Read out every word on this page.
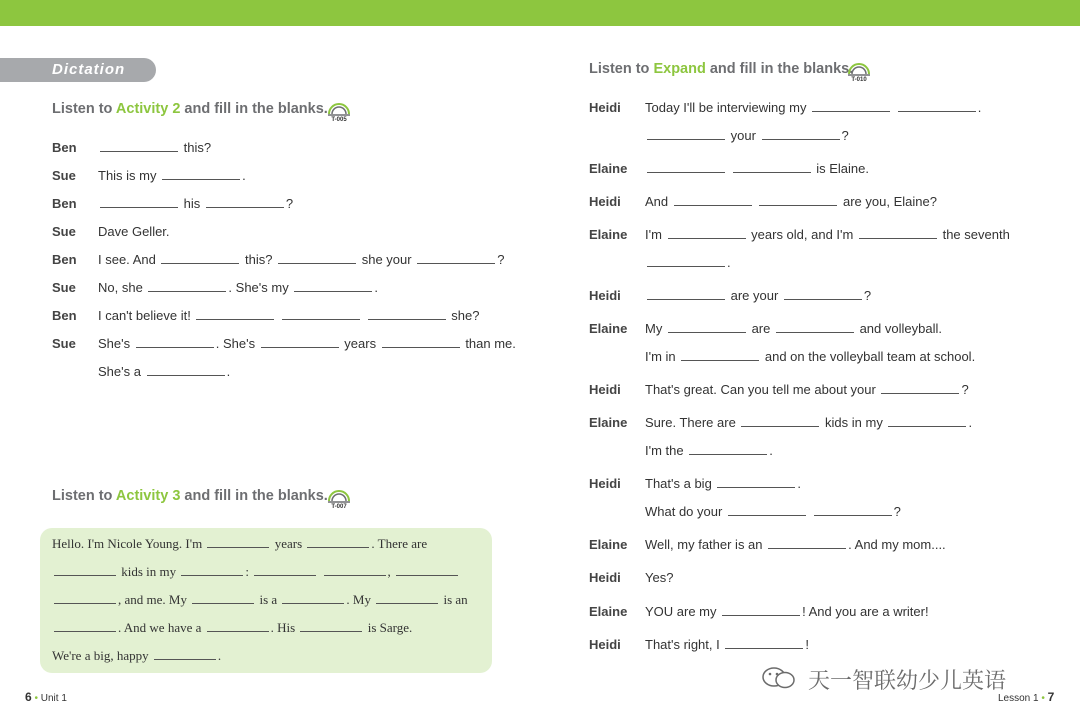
Dictation
Listen to Activity 2 and fill in the blanks.
T-005
Listen to Activity 3 and fill in the blanks.
T-007
Listen to Expand and fill in the blanks.
T-010
Ben	this?
Sue This is my	.
Ben	his	?
Sue Dave Geller.
Ben I see. And	this?	she your	?
Sue No, she	. She's my	.
Ben I can't believe it!	she?
Sue She's	. She's	years	than me.
She's a	.
Hello. I'm Nicole Young. I'm	years	. There are
kids in my	:	,
, and me. My	is a	. My	is an
. And we have a	. His	is Sarge.
We're a big, happy	.
Heidi Today I'll be interviewing my	.
your	?
Elaine	is Elaine.
Heidi And	are you, Elaine?
Elaine I'm	years old, and I'm	the seventh
.
Heidi	are your	?
Elaine My	are	and volleyball.
I'm in	and on the volleyball team at school.
Heidi That's great. Can you tell me about your	?
Elaine Sure. There are	kids in my	.
I'm the	.
Heidi That's a big	.
What do your	?
Elaine Well, my father is an	. And my mom....
Heidi Yes?
Elaine YOU are my	! And you are a writer!
Heidi That's right, I	!
6 • Unit 1	Lesson 1 • 7
天一智联幼少儿英语
